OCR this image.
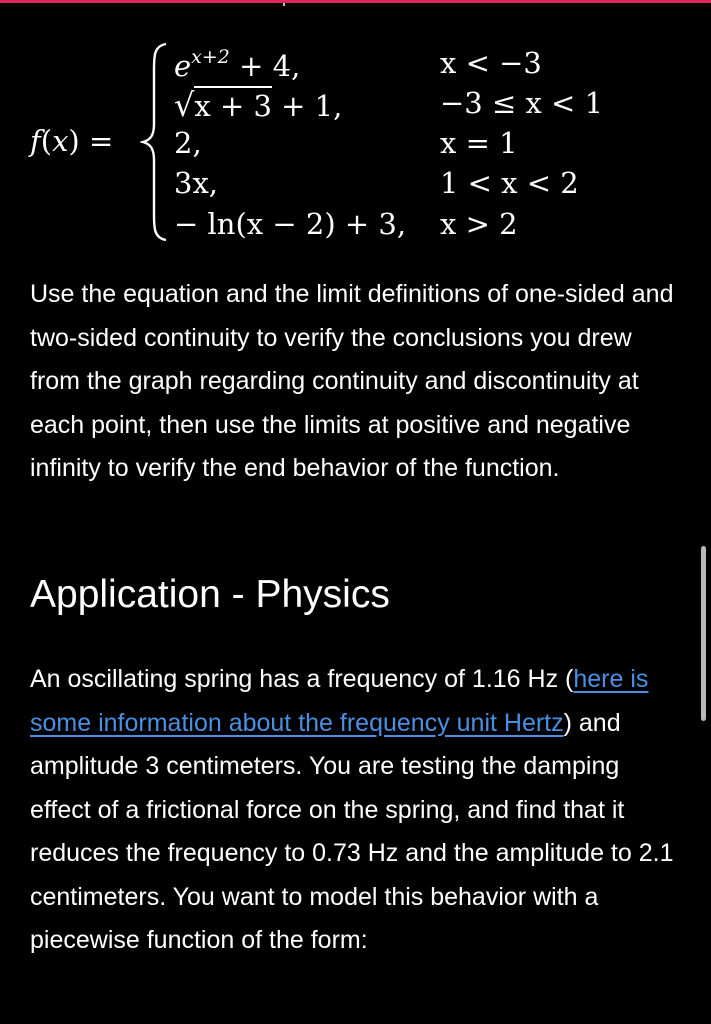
f(x) =
$e^{x+2} + 4$,	x < −3
√x + 3 + 1,	−3 ≤ x < 1
2,	x = 1
3x,	1 < x < 2
− ln(x − 2) + 3, x > 2

Use the equation and the limit definitions of one-sided and two-sided continuity to verify the conclusions you drew from the graph regarding continuity and discontinuity at each point, then use the limits at positive and negative infinity to verify the end behavior of the function.

Application - Physics

An oscillating spring has a frequency of 1.16 Hz (here is some information about the frequency unit Hertz) and amplitude 3 centimeters. You are testing the damping effect of a frictional force on the spring, and find that it reduces the frequency to 0.73 Hz and the amplitude to 2.1 centimeters. You want to model this behavior with a piecewise function of the form:
